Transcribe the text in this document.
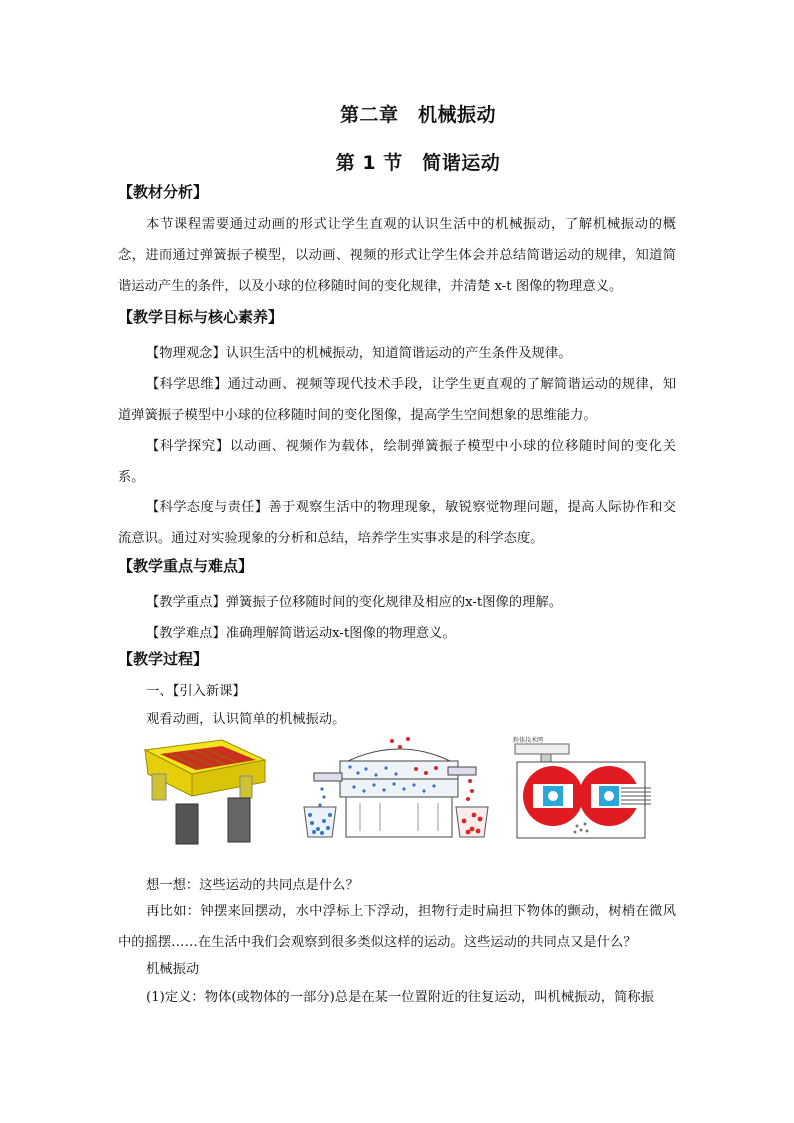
第二章　机械振动
第 1 节　简谐运动
【教材分析】
本节课程需要通过动画的形式让学生直观的认识生活中的机械振动，了解机械振动的概念，进而通过弹簧振子模型，以动画、视频的形式让学生体会并总结简谐运动的规律，知道简谐运动产生的条件，以及小球的位移随时间的变化规律，并清楚 x-t 图像的物理意义。
【教学目标与核心素养】
【物理观念】认识生活中的机械振动，知道简谐运动的产生条件及规律。
【科学思维】通过动画、视频等现代技术手段，让学生更直观的了解简谐运动的规律，知道弹簧振子模型中小球的位移随时间的变化图像，提高学生空间想象的思维能力。
【科学探究】以动画、视频作为载体，绘制弹簧振子模型中小球的位移随时间的变化关系。
【科学态度与责任】善于观察生活中的物理现象，敏锐察觉物理问题，提高人际协作和交流意识。通过对实验现象的分析和总结，培养学生实事求是的科学态度。
【教学重点与难点】
【教学重点】弹簧振子位移随时间的变化规律及相应的x-t图像的理解。
【教学难点】准确理解简谐运动x-t图像的物理意义。
【教学过程】
一、【引入新课】
观看动画，认识简单的机械振动。
粉体技术网
想一想：这些运动的共同点是什么？
再比如：钟摆来回摆动，水中浮标上下浮动，担物行走时扁担下物体的颤动，树梢在微风中的摇摆……在生活中我们会观察到很多类似这样的运动。这些运动的共同点又是什么？
机械振动
(1)定义：物体(或物体的一部分)总是在某一位置附近的往复运动，叫机械振动，简称振
